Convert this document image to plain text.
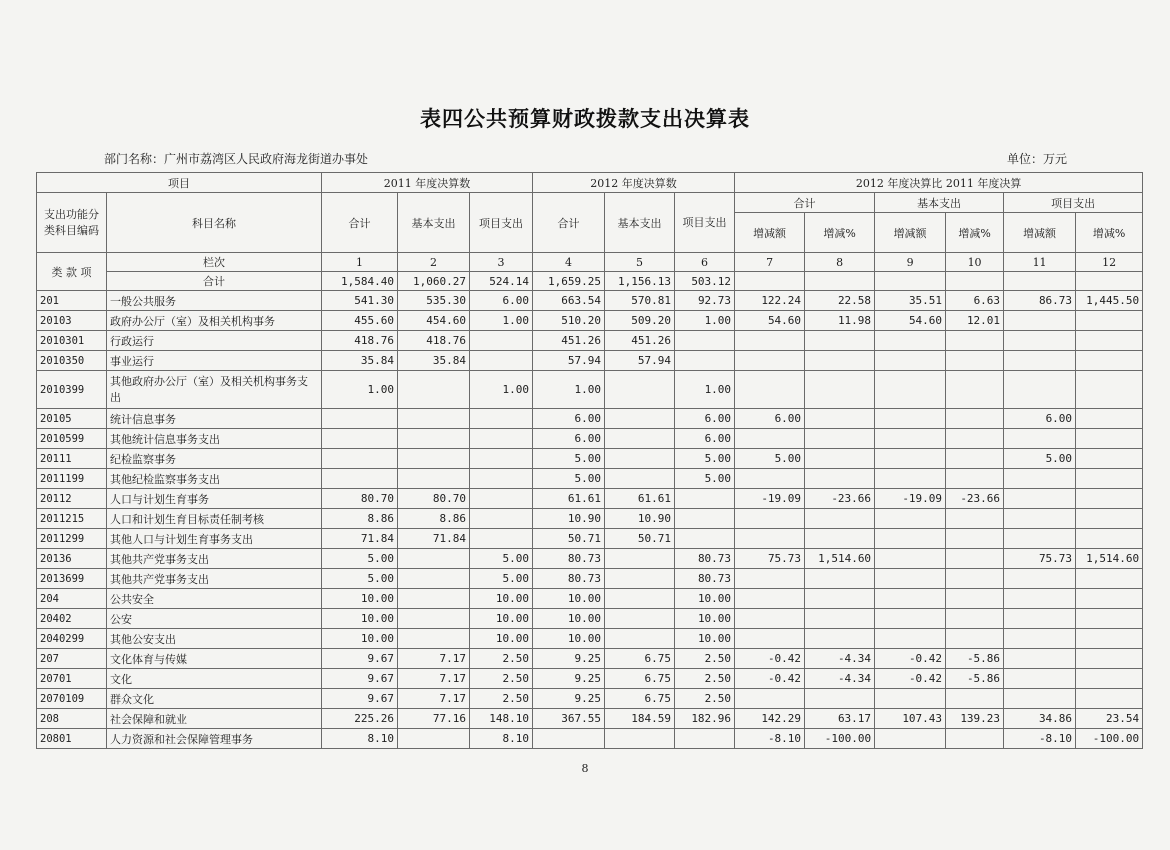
表四公共预算财政拨款支出决算表
部门名称：广州市荔湾区人民政府海龙街道办事处	单位：万元
项目		2011 年度决算数			2012 年度决算数			2012 年度决算比 2011 年度决算					
支出功能分类科目编码	科目名称	合计	基本支出	项目支出	合计	基本支出	项目支出	合计		基本支出		项目支出	
								增减额	增减%	增减额	增减%	增减额	增减%
类 款 项	栏次	1	2	3	4	5	6	7	8	9	10	11	12
	合计	1,584.40	1,060.27	524.14	1,659.25	1,156.13	503.12						
201	一般公共服务	541.30	535.30	6.00	663.54	570.81	92.73	122.24	22.58	35.51	6.63	86.73	1,445.50
20103	政府办公厅（室）及相关机构事务	455.60	454.60	1.00	510.20	509.20	1.00	54.60	11.98	54.60	12.01		
2010301	行政运行	418.76	418.76		451.26	451.26							
2010350	事业运行	35.84	35.84		57.94	57.94							
2010399	其他政府办公厅（室）及相关机构事务支出	1.00		1.00	1.00		1.00						
20105	统计信息事务				6.00		6.00	6.00				6.00	
2010599	其他统计信息事务支出				6.00		6.00						
20111	纪检监察事务				5.00		5.00	5.00				5.00	
2011199	其他纪检监察事务支出				5.00		5.00						
20112	人口与计划生育事务	80.70	80.70		61.61	61.61		-19.09	-23.66	-19.09	-23.66		
2011215	人口和计划生育目标责任制考核	8.86	8.86		10.90	10.90							
2011299	其他人口与计划生育事务支出	71.84	71.84		50.71	50.71							
20136	其他共产党事务支出	5.00		5.00	80.73		80.73	75.73	1,514.60			75.73	1,514.60
2013699	其他共产党事务支出	5.00		5.00	80.73		80.73						
204	公共安全	10.00		10.00	10.00		10.00						
20402	公安	10.00		10.00	10.00		10.00						
2040299	其他公安支出	10.00		10.00	10.00		10.00						
207	文化体育与传媒	9.67	7.17	2.50	9.25	6.75	2.50	-0.42	-4.34	-0.42	-5.86		
20701	文化	9.67	7.17	2.50	9.25	6.75	2.50	-0.42	-4.34	-0.42	-5.86		
2070109	群众文化	9.67	7.17	2.50	9.25	6.75	2.50						
208	社会保障和就业	225.26	77.16	148.10	367.55	184.59	182.96	142.29	63.17	107.43	139.23	34.86	23.54
20801	人力资源和社会保障管理事务	8.10		8.10				-8.10	-100.00			-8.10	-100.00
8
